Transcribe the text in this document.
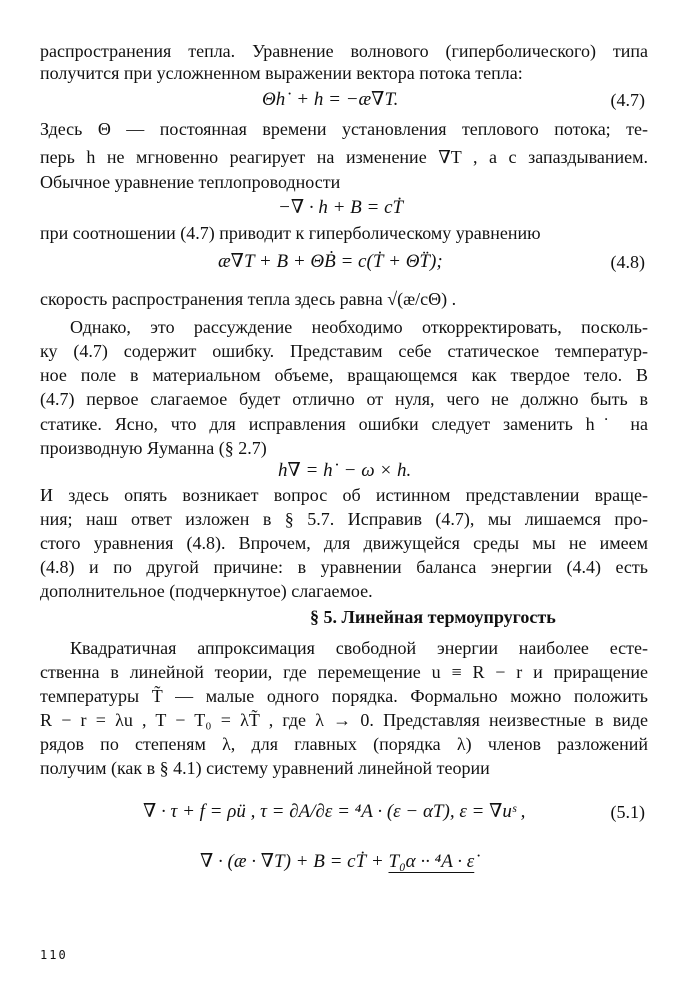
распространения тепла. Уравнение волнового (гиперболического) типа
получится при усложненном выражении вектора потока тепла:
Θh˙ + h = −æ∇T.	(4.7)
Здесь Θ — постоянная времени установления теплового потока; те-
перь h не мгновенно реагирует на изменение ∇T , а с запаздыванием.
Обычное уравнение теплопроводности
−∇ · h + B = cṪ
при соотношении (4.7) приводит к гиперболическому уравнению
æ∇T + B + ΘḂ = c(Ṫ + ΘT̈);	(4.8)
скорость распространения тепла здесь равна √(æ/cΘ) .
Однако, это рассуждение необходимо откорректировать, посколь-
ку (4.7) содержит ошибку. Представим себе статическое температур-
ное поле в материальном объеме, вращающемся как твердое тело. В
(4.7) первое слагаемое будет отлично от нуля, чего не должно быть в
статике. Ясно, что для исправления ошибки следует заменить h˙ на
производную Яуманна (§ 2.7)
h∇ = h˙ − ω × h.
И здесь опять возникает вопрос об истинном представлении враще-
ния; наш ответ изложен в § 5.7. Исправив (4.7), мы лишаемся про-
стого уравнения (4.8). Впрочем, для движущейся среды мы не имеем
(4.8) и по другой причине: в уравнении баланса энергии (4.4) есть
дополнительное (подчеркнутое) слагаемое.
§ 5. Линейная термоупругость
Квадратичная аппроксимация свободной энергии наиболее есте-
ственна в линейной теории, где перемещение u ≡ R − r и приращение
температуры T̃ — малые одного порядка. Формально можно положить
R − r = λu , T − T₀ = λT̃ , где λ → 0. Представляя неизвестные в виде
рядов по степеням λ, для главных (порядка λ) членов разложений
получим (как в § 4.1) систему уравнений линейной теории
∇ · τ + f = ρü , τ = ∂A/∂ε = ⁴A · (ε − αT), ε = ∇uˢ ,	(5.1)
∇ · (æ · ∇T) + B = cṪ + T₀α ·· ⁴A · ε̇
110
